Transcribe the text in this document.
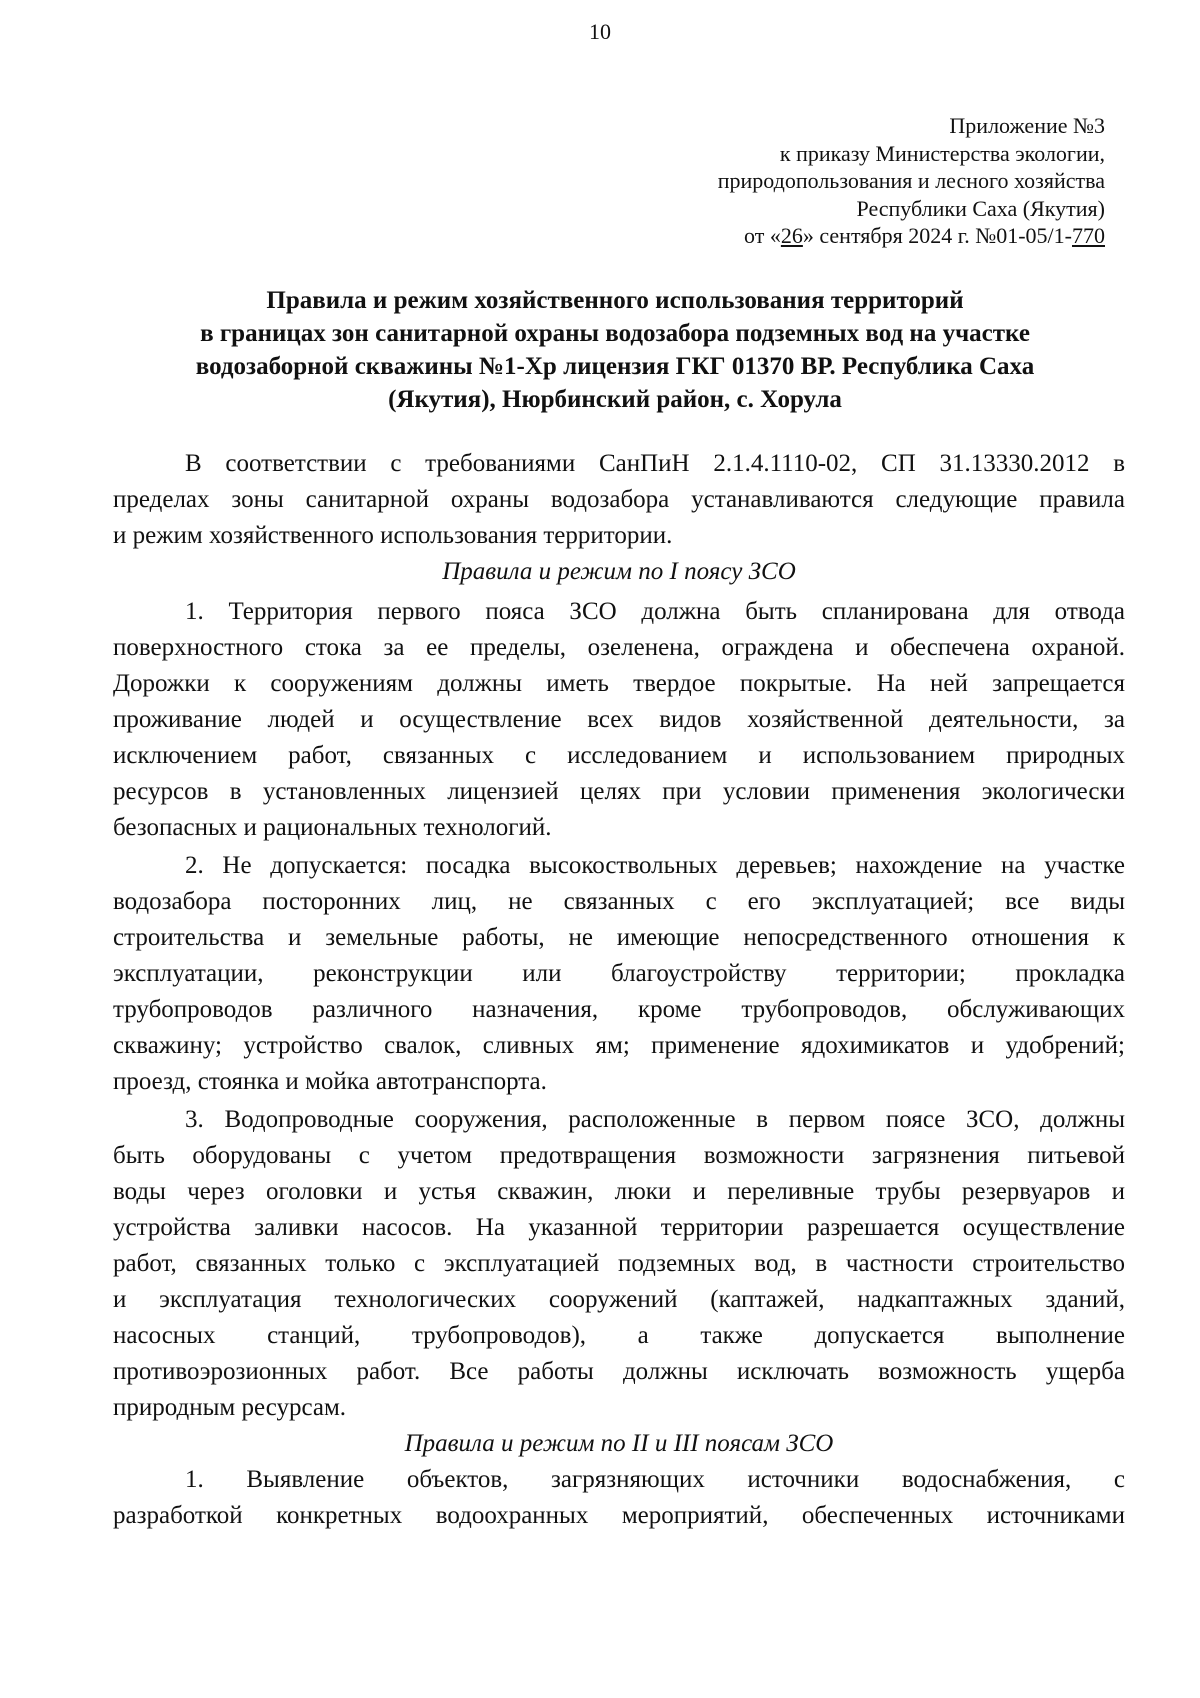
10
Приложение №3
к приказу Министерства экологии,
природопользования и лесного хозяйства
Республики Саха (Якутия)
от «26» сентября 2024 г. №01-05/1-770
Правила и режим хозяйственного использования территорий
в границах зон санитарной охраны водозабора подземных вод на участке
водозаборной скважины №1-Хр лицензия ГКГ 01370 ВР. Республика Саха
(Якутия), Нюрбинский район, с. Хорула
В соответствии с требованиями СанПиН 2.1.4.1110-02, СП 31.13330.2012 в
пределах зоны санитарной охраны водозабора устанавливаются следующие правила
и режим хозяйственного использования территории.
Правила и режим по I поясу ЗСО
1. Территория первого пояса ЗСО должна быть спланирована для отвода
поверхностного стока за ее пределы, озеленена, ограждена и обеспечена охраной.
Дорожки к сооружениям должны иметь твердое покрытые. На ней запрещается
проживание людей и осуществление всех видов хозяйственной деятельности, за
исключением работ, связанных с исследованием и использованием природных
ресурсов в установленных лицензией целях при условии применения экологически
безопасных и рациональных технологий.
2. Не допускается: посадка высокоствольных деревьев; нахождение на участке
водозабора посторонних лиц, не связанных с его эксплуатацией; все виды
строительства и земельные работы, не имеющие непосредственного отношения к
эксплуатации, реконструкции или благоустройству территории; прокладка
трубопроводов различного назначения, кроме трубопроводов, обслуживающих
скважину; устройство свалок, сливных ям; применение ядохимикатов и удобрений;
проезд, стоянка и мойка автотранспорта.
3. Водопроводные сооружения, расположенные в первом поясе ЗСО, должны
быть оборудованы с учетом предотвращения возможности загрязнения питьевой
воды через оголовки и устья скважин, люки и переливные трубы резервуаров и
устройства заливки насосов. На указанной территории разрешается осуществление
работ, связанных только с эксплуатацией подземных вод, в частности строительство
и эксплуатация технологических сооружений (каптажей, надкаптажных зданий,
насосных станций, трубопроводов), а также допускается выполнение
противоэрозионных работ. Все работы должны исключать возможность ущерба
природным ресурсам.
Правила и режим по II и III поясам ЗСО
1. Выявление объектов, загрязняющих источники водоснабжения, с
разработкой конкретных водоохранных мероприятий, обеспеченных источниками
